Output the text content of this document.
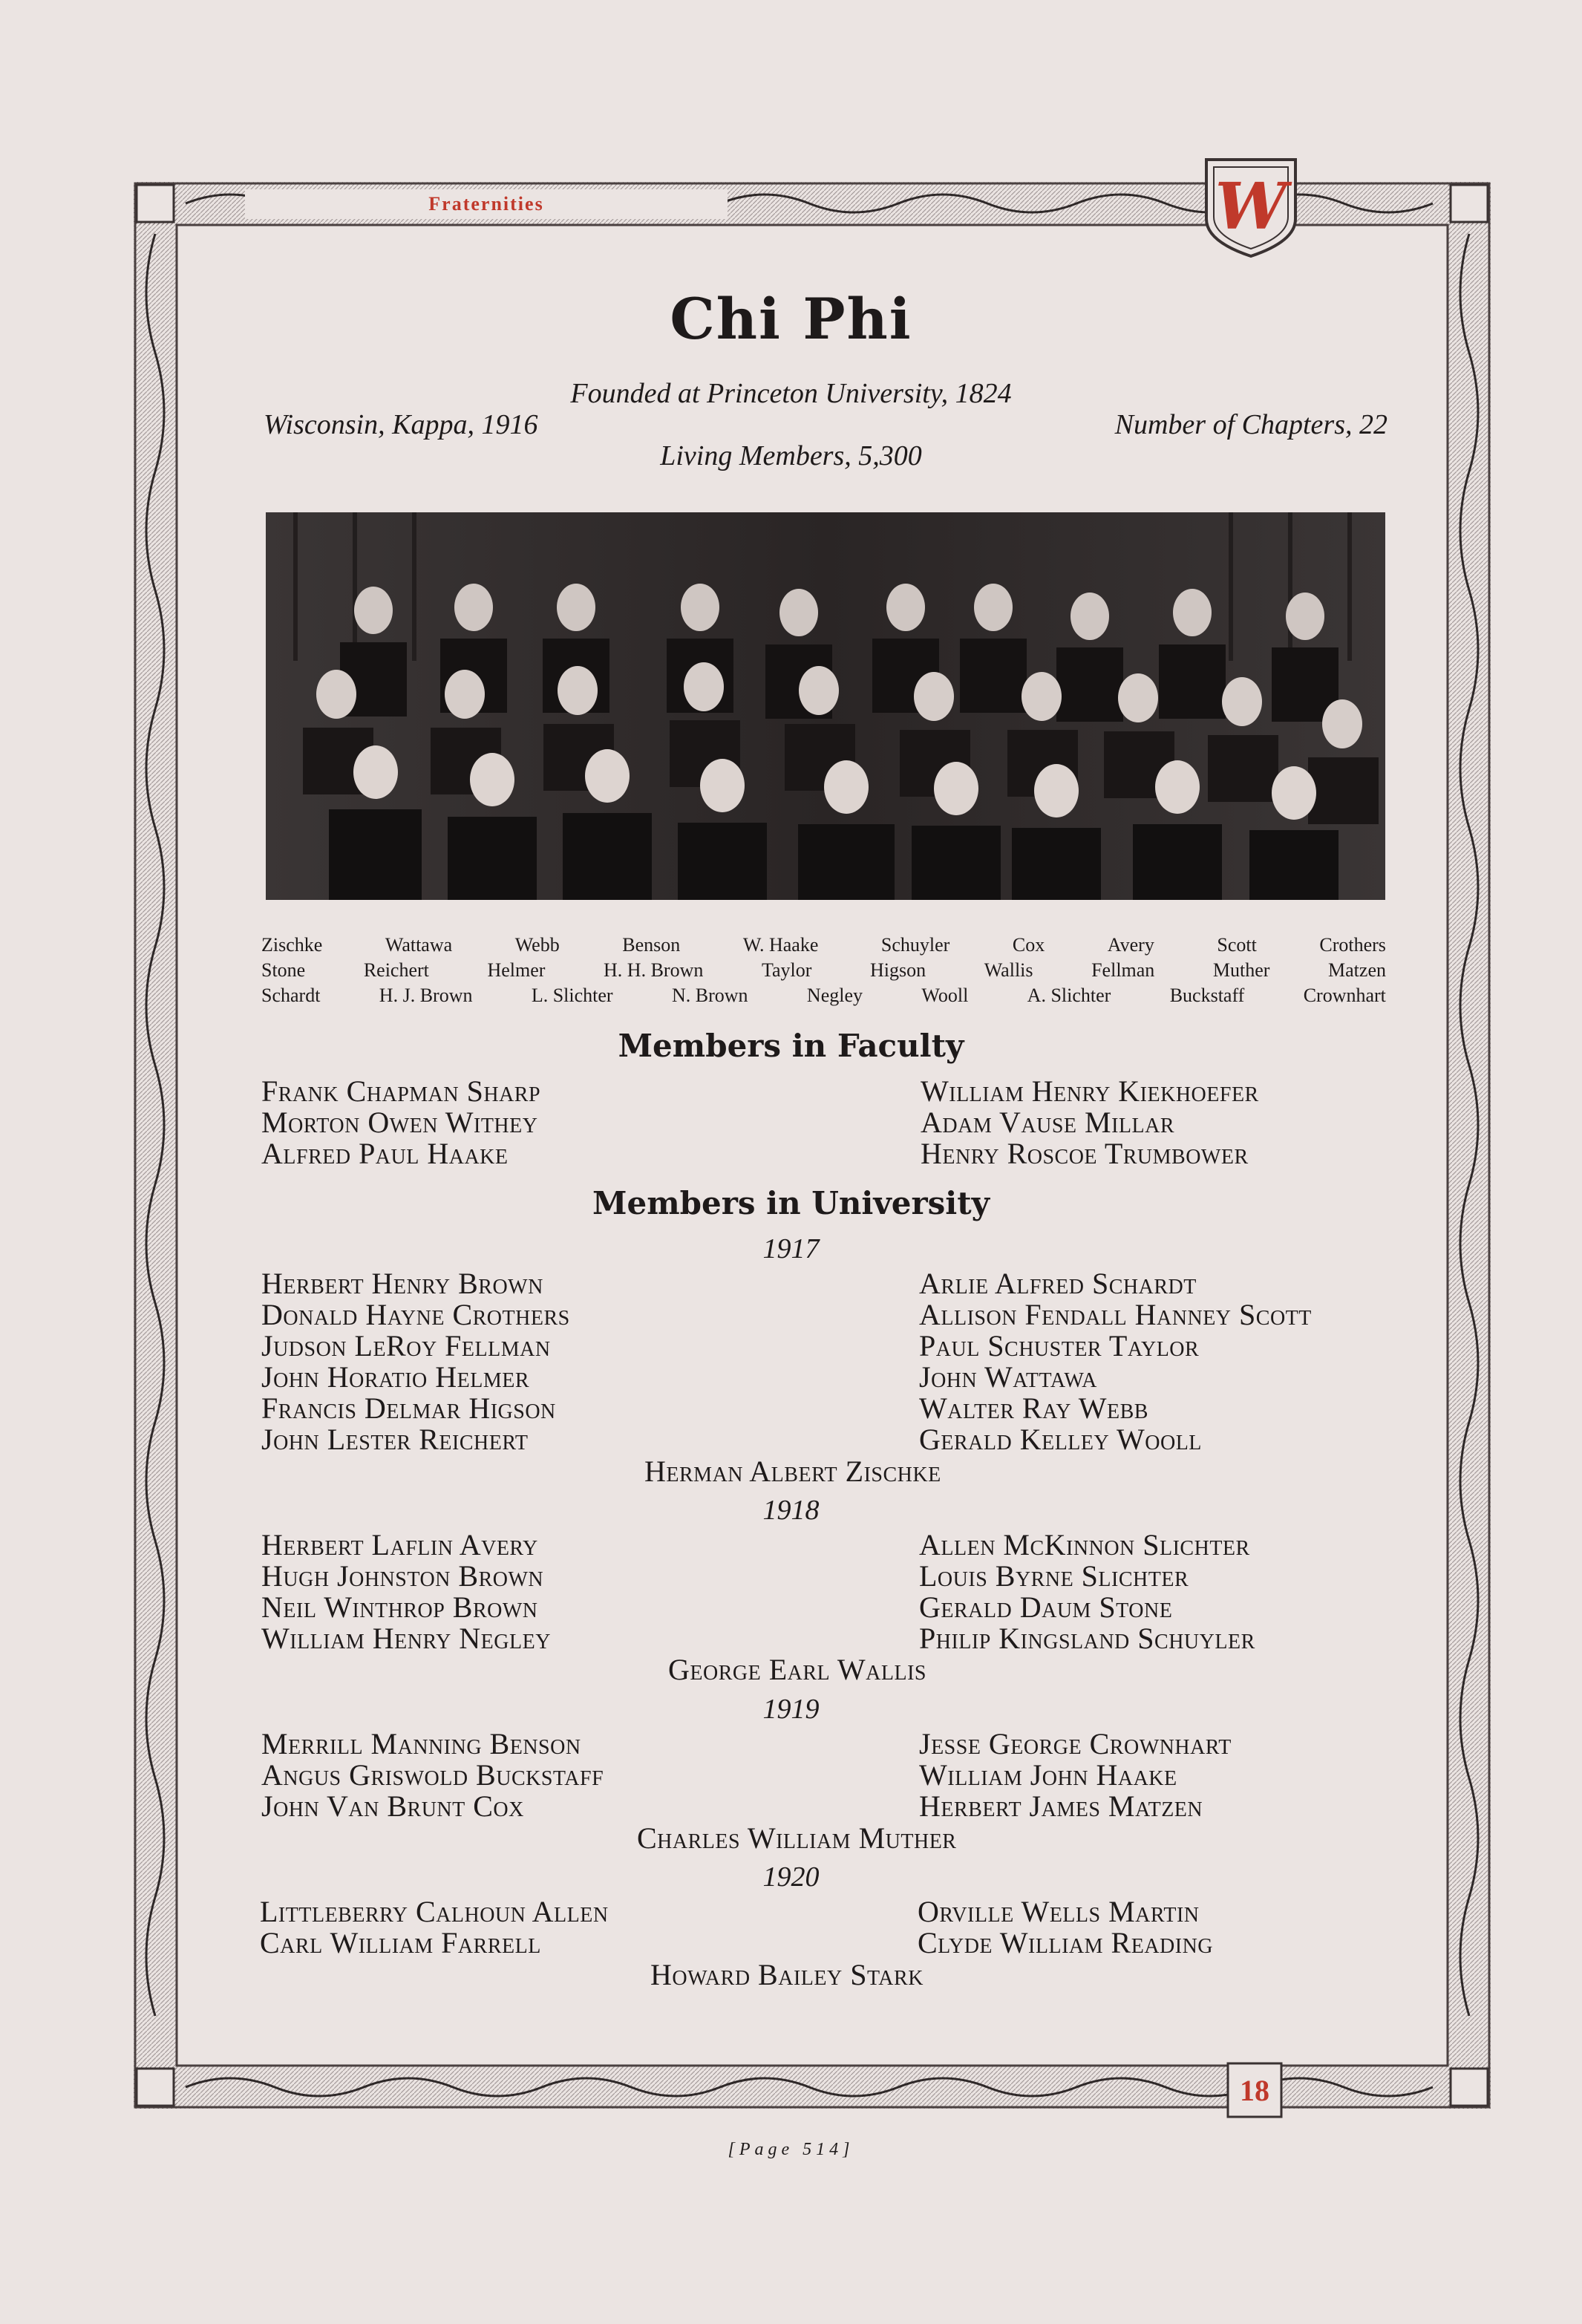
Fraternities	W
18
Chi Phi
Founded at Princeton University, 1824
Wisconsin, Kappa, 1916	Number of Chapters, 22
Living Members, 5,300
Zischke	Wattawa	Webb	Benson	W. Haake	Schuyler	Cox	Avery	Scott	Crothers
Stone	Reichert	Helmer	H. H. Brown	Taylor	Higson	Wallis	Fellman	Muther	Matzen
Schardt	H. J. Brown	L. Slichter	N. Brown	Negley	Wooll	A. Slichter	Buckstaff	Crownhart
Members in Faculty
Frank Chapman Sharp
Morton Owen Withey
Alfred Paul Haake
William Henry Kiekhoefer
Adam Vause Millar
Henry Roscoe Trumbower
Members in University
1917
Herbert Henry Brown
Donald Hayne Crothers
Judson LeRoy Fellman
John Horatio Helmer
Francis Delmar Higson
John Lester Reichert
Arlie Alfred Schardt
Allison Fendall Hanney Scott
Paul Schuster Taylor
John Wattawa
Walter Ray Webb
Gerald Kelley Wooll
Herman Albert Zischke
1918
Herbert Laflin Avery
Hugh Johnston Brown
Neil Winthrop Brown
William Henry Negley
Allen McKinnon Slichter
Louis Byrne Slichter
Gerald Daum Stone
Philip Kingsland Schuyler
George Earl Wallis
1919
Merrill Manning Benson
Angus Griswold Buckstaff
John Van Brunt Cox
Jesse George Crownhart
William John Haake
Herbert James Matzen
Charles William Muther
1920
Littleberry Calhoun Allen
Carl William Farrell
Orville Wells Martin
Clyde William Reading
Howard Bailey Stark
[Page 514]
